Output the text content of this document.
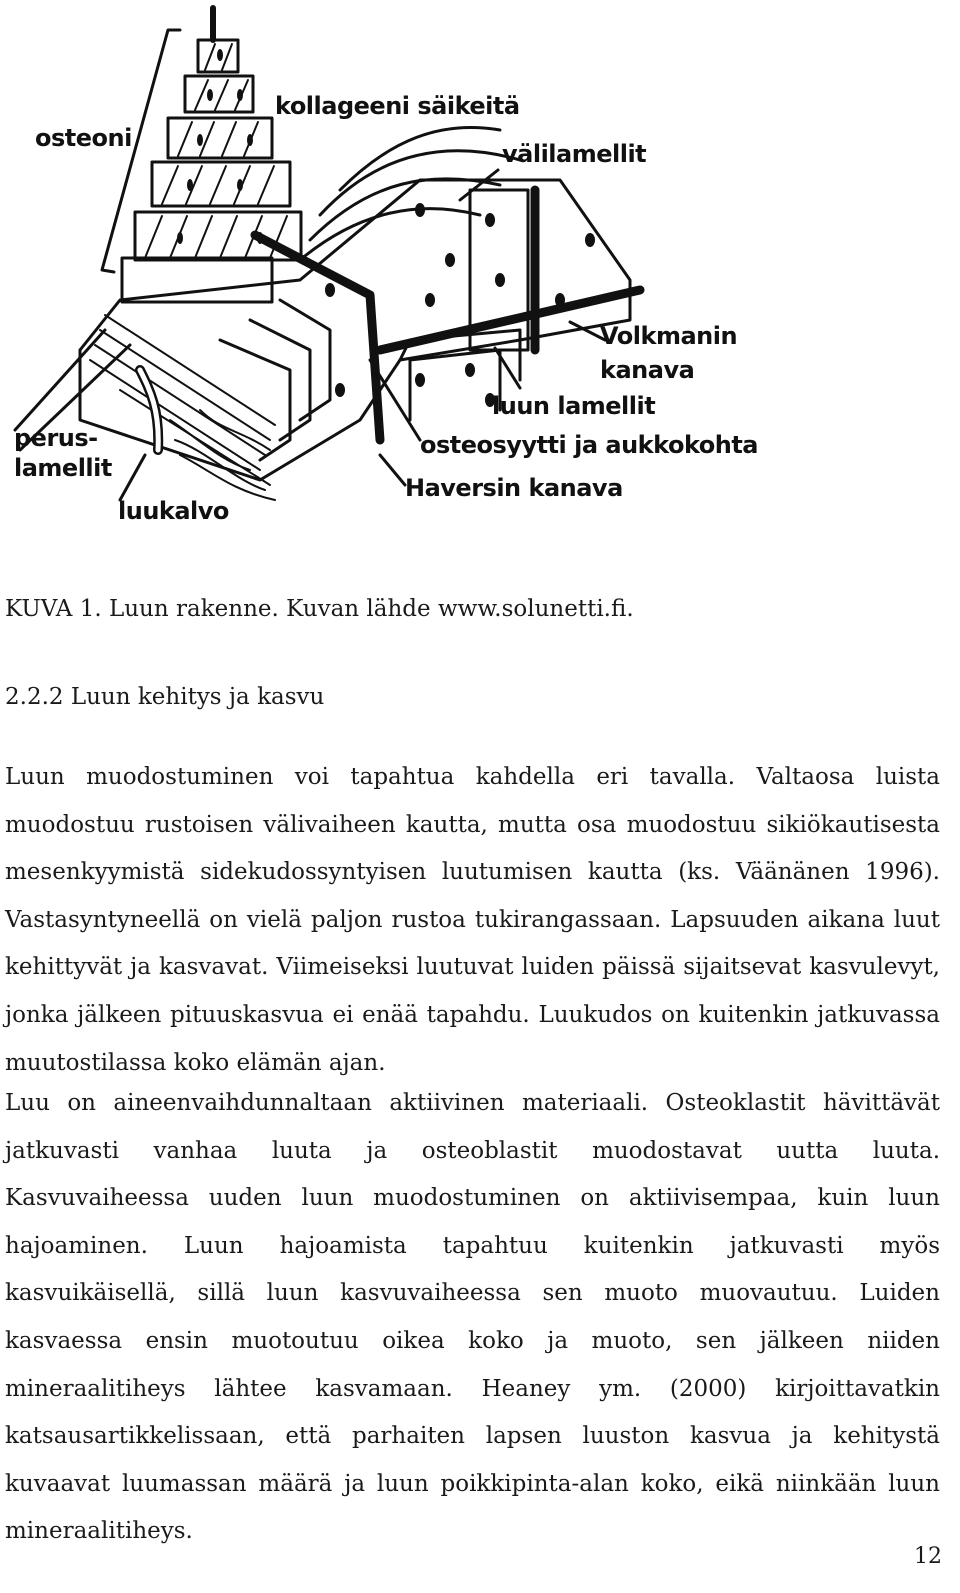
osteoni
kollageeni säikeitä
välilamellit
Volkmanin
kanava
luun lamellit
osteosyytti ja aukkokohta
Haversin kanava
perus-
lamellit
luukalvo
KUVA 1. Luun rakenne. Kuvan lähde www.solunetti.fi.
2.2.2 Luun kehitys ja kasvu
Luun muodostuminen voi tapahtua kahdella eri tavalla. Valtaosa luista muodostuu rustoisen välivaiheen kautta, mutta osa muodostuu sikiökautisesta mesenkyymistä sidekudossyntyisen luutumisen kautta (ks. Väänänen 1996). Vastasyntyneellä on vielä paljon rustoa tukirangassaan. Lapsuuden aikana luut kehittyvät ja kasvavat. Viimeiseksi luutuvat luiden päissä sijaitsevat kasvulevyt, jonka jälkeen pituuskasvua ei enää tapahdu. Luukudos on kuitenkin jatkuvassa muutostilassa koko elämän ajan.
Luu on aineenvaihdunnaltaan aktiivinen materiaali. Osteoklastit hävittävät jatkuvasti vanhaa luuta ja osteoblastit muodostavat uutta luuta. Kasvuvaiheessa uuden luun muodostuminen on aktiivisempaa, kuin luun hajoaminen. Luun hajoamista tapahtuu kuitenkin jatkuvasti myös kasvuikäisellä, sillä luun kasvuvaiheessa sen muoto muovautuu. Luiden kasvaessa ensin muotoutuu oikea koko ja muoto, sen jälkeen niiden mineraalitiheys lähtee kasvamaan. Heaney ym. (2000) kirjoittavatkin katsausartikkelissaan, että parhaiten lapsen luuston kasvua ja kehitystä kuvaavat luumassan määrä ja luun poikkipinta-alan koko, eikä niinkään luun mineraalitiheys.
12
